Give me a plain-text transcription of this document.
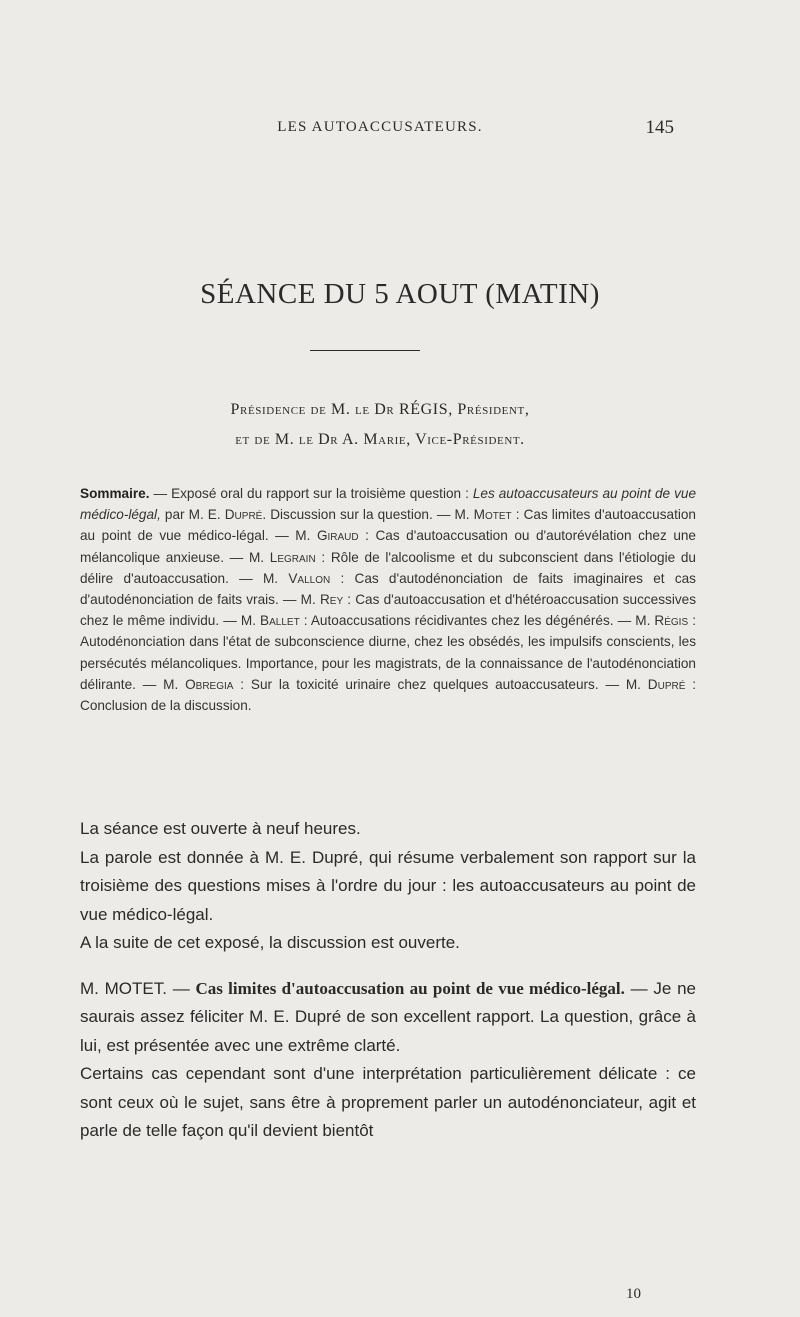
LES AUTOACCUSATEURS.	145
SÉANCE DU 5 AOUT (MATIN)
Présidence de M. le Dr RÉGIS, Président,
et de M. le Dr A. Marie, Vice-Président.
Sommaire. — Exposé oral du rapport sur la troisième question : Les autoaccusateurs au point de vue médico-légal, par M. E. Dupré. Discussion sur la question. — M. Motet : Cas limites d'autoaccusation au point de vue médico-légal. — M. Giraud : Cas d'autoaccusation ou d'autorévélation chez une mélancolique anxieuse. — M. Legrain : Rôle de l'alcoolisme et du subconscient dans l'étiologie du délire d'autoaccusation. — M. Vallon : Cas d'autodénonciation de faits imaginaires et cas d'autodénonciation de faits vrais. — M. Rey : Cas d'autoaccusation et d'hétéroaccusation successives chez le même individu. — M. Ballet : Autoaccusations récidivantes chez les dégénérés. — M. Régis : Autodénonciation dans l'état de subconscience diurne, chez les obsédés, les impulsifs conscients, les persécutés mélancoliques. Importance, pour les magistrats, de la connaissance de l'autodénonciation délirante. — M. Obregia : Sur la toxicité urinaire chez quelques autoaccusateurs. — M. Dupré : Conclusion de la discussion.

La séance est ouverte à neuf heures.

La parole est donnée à M. E. Dupré, qui résume verbalement son rapport sur la troisième des questions mises à l'ordre du jour : les autoaccusateurs au point de vue médico-légal.

A la suite de cet exposé, la discussion est ouverte.

M. MOTET. — Cas limites d'autoaccusation au point de vue médico-légal. — Je ne saurais assez féliciter M. E. Dupré de son excellent rapport. La question, grâce à lui, est présentée avec une extrême clarté.

Certains cas cependant sont d'une interprétation particulièrement délicate : ce sont ceux où le sujet, sans être à proprement parler un autodénonciateur, agit et parle de telle façon qu'il devient bientôt

10
